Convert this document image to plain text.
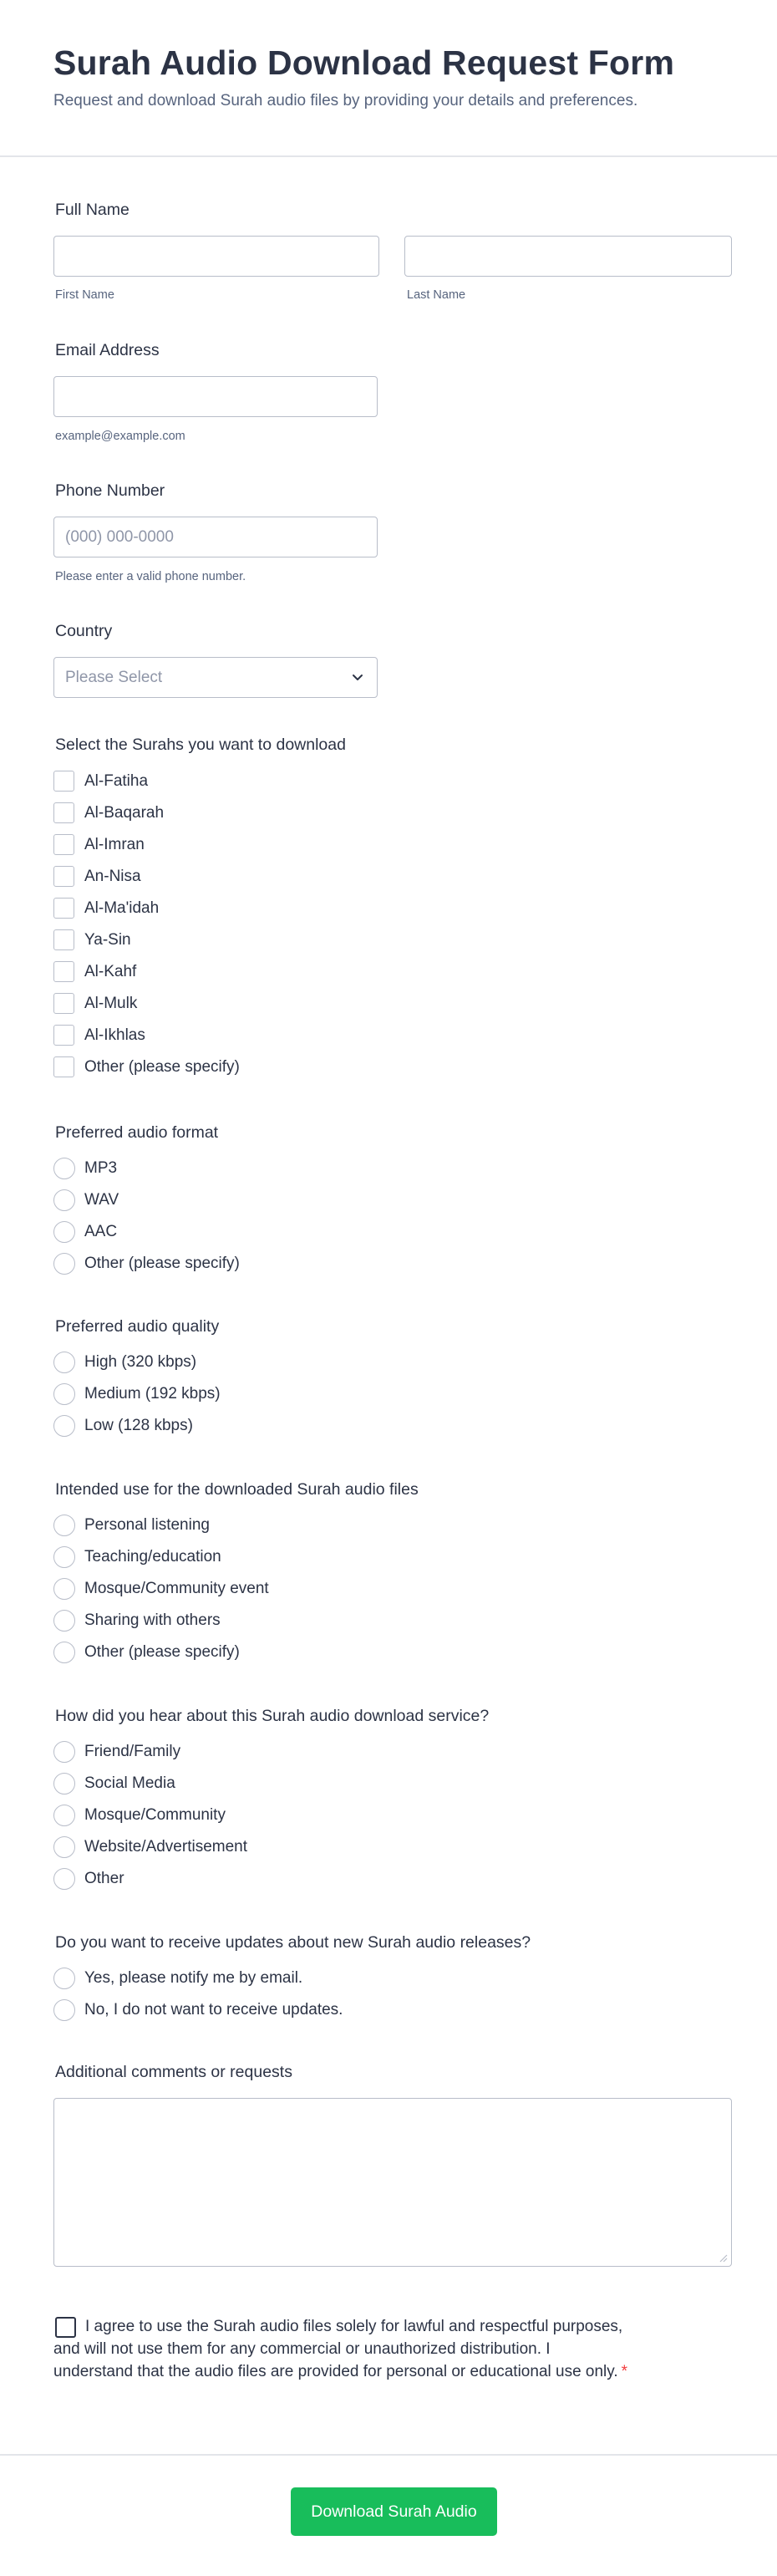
Surah Audio Download Request Form

Request and download Surah audio files by providing your details and preferences.

Full Name
First Name	Last Name
Email Address
example@example.com
Phone Number
(000) 000-0000
Please enter a valid phone number.
Country
Please Select
Select the Surahs you want to download
Al-Fatiha
Al-Baqarah
Al-Imran
An-Nisa
Al-Ma'idah
Ya-Sin
Al-Kahf
Al-Mulk
Al-Ikhlas
Other (please specify)
Preferred audio format
MP3
WAV
AAC
Other (please specify)
Preferred audio quality
High (320 kbps)
Medium (192 kbps)
Low (128 kbps)
Intended use for the downloaded Surah audio files
Personal listening
Teaching/education
Mosque/Community event
Sharing with others
Other (please specify)
How did you hear about this Surah audio download service?
Friend/Family
Social Media
Mosque/Community
Website/Advertisement
Other
Do you want to receive updates about new Surah audio releases?
Yes, please notify me by email.
No, I do not want to receive updates.
Additional comments or requests
I agree to use the Surah audio files solely for lawful and respectful purposes, and will not use them for any commercial or unauthorized distribution. I understand that the audio files are provided for personal or educational use only. *
Download Surah Audio
